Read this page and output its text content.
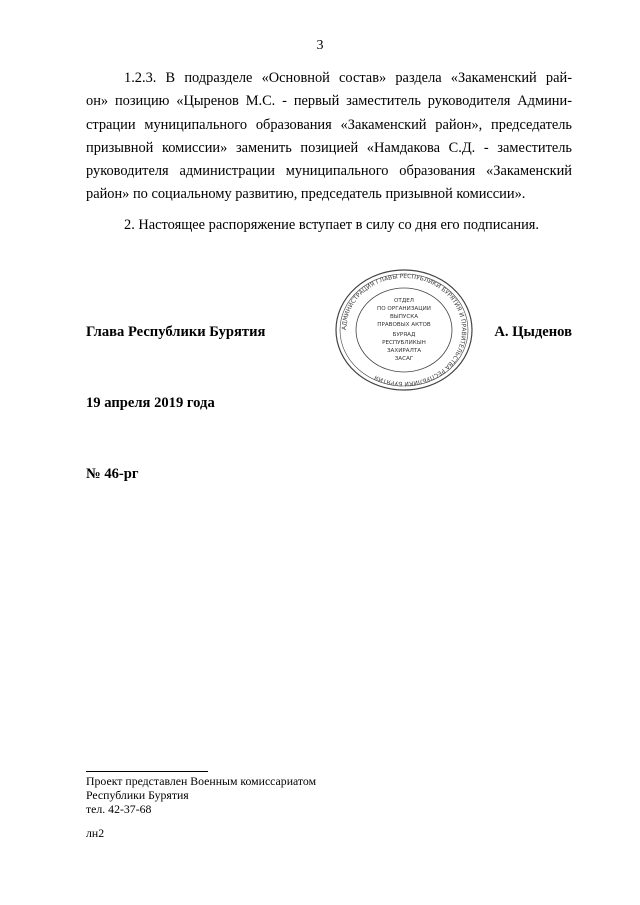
3
1.2.3. В подразделе «Основной состав» раздела «Закаменский рай-
он» позицию «Цыренов М.С. - первый заместитель руководителя Админи-
страции муниципального образования «Закаменский район», председатель
призывной комиссии» заменить позицией «Намдакова С.Д. - заместитель
руководителя администрации муниципального образования «Закаменский
район» по социальному развитию, председатель призывной комиссии».

2. Настоящее распоряжение вступает в силу со дня его подписания.

Глава Республики Бурятия	АДМИНИСТРАЦИЯ ГЛАВЫ РЕСПУБЛИКИ БУРЯТИЯ И ПРАВИТЕЛЬСТВА РЕСПУБЛИКИ БУРЯТИЯ
ОТДЕЛ
ПО ОРГАНИЗАЦИИ
ВЫПУСКА
ПРАВОВЫХ АКТОВ
БУРЯАД
РЕСПУБЛИКЫН
ЗАХИРАЛТА
ЗАСАГ
А. Цыденов
19 апреля 2019 года
№ 46-рг
Проект представлен Военным комиссариатом
Республики Бурятия
тел. 42-37-68
лн2
